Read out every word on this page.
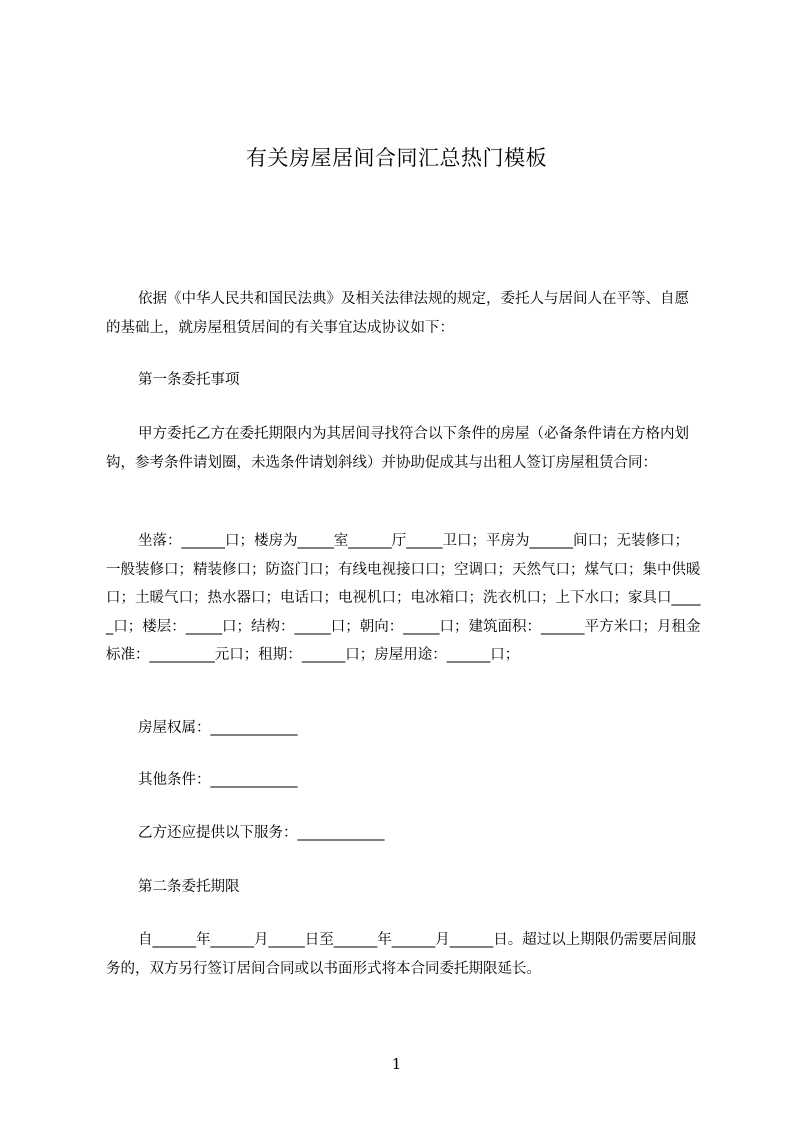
有关房屋居间合同汇总热门模板

依据《中华人民共和国民法典》及相关法律法规的规定，委托人与居间人在平等、自愿的基础上，就房屋租赁居间的有关事宜达成协议如下：

第一条委托事项

甲方委托乙方在委托期限内为其居间寻找符合以下条件的房屋（必备条件请在方格内划钩，参考条件请划圈，未选条件请划斜线）并协助促成其与出租人签订房屋租赁合同：

坐落：______口；楼房为_____室______厅_____卫口；平房为______间口；无装修口；一般装修口；精装修口；防盗门口；有线电视接口口；空调口；天然气口；煤气口；集中供暖口；土暖气口；热水器口；电话口；电视机口；电冰箱口；洗衣机口；上下水口；家具口_____口；楼层：_____口；结构：_____口；朝向：_____口；建筑面积：______平方米口；月租金标准：_________元口；租期：______口；房屋用途：______口；

房屋权属：____________

其他条件：____________

乙方还应提供以下服务：____________

第二条委托期限

自______年______月_____日至______年______月______日。超过以上期限仍需要居间服务的，双方另行签订居间合同或以书面形式将本合同委托期限延长。

1
